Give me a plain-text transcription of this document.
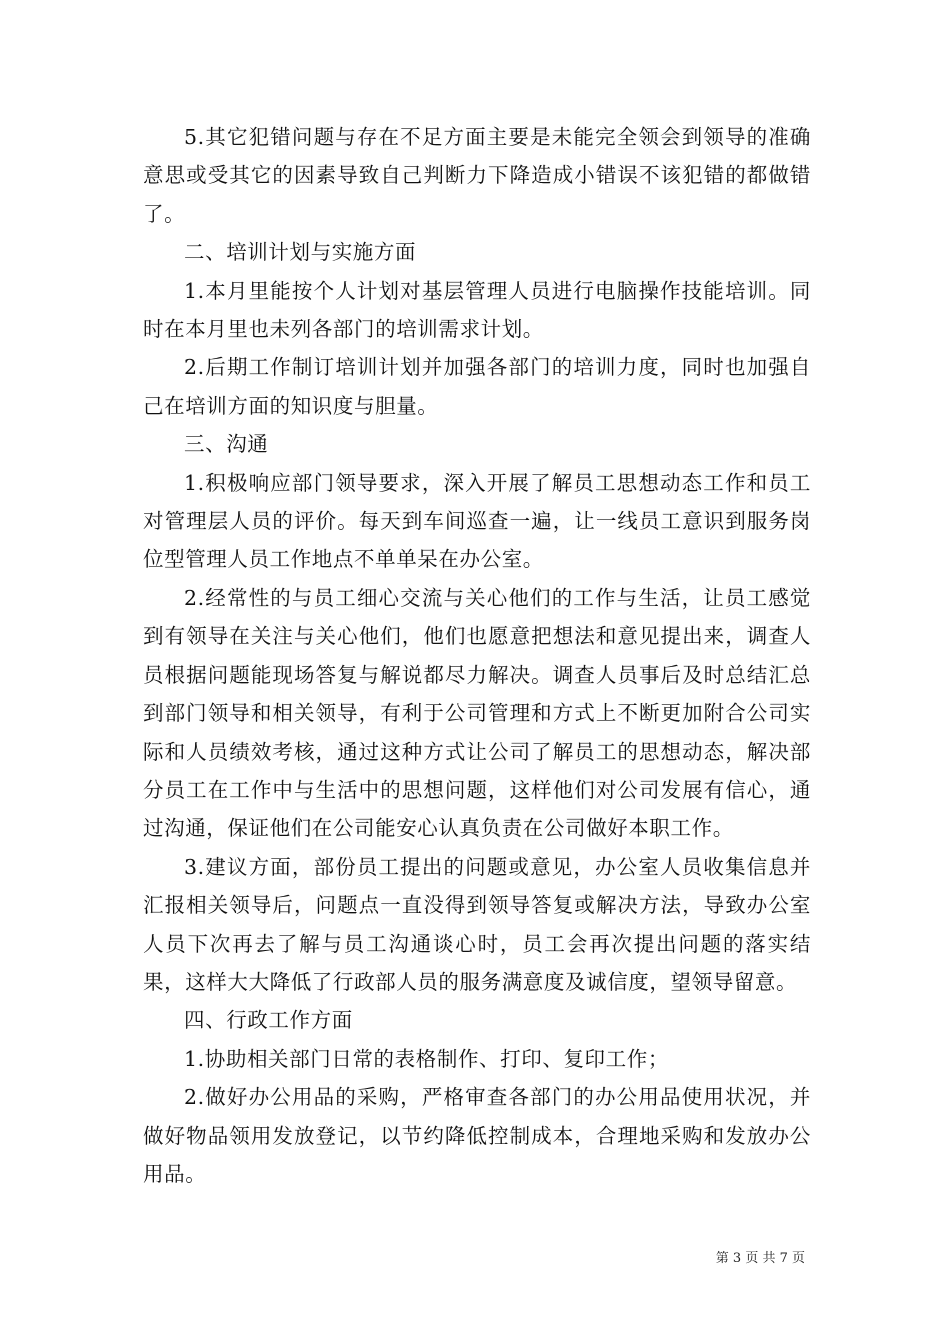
5.其它犯错问题与存在不足方面主要是未能完全领会到领导的准确意思或受其它的因素导致自己判断力下降造成小错误不该犯错的都做错了。

二、培训计划与实施方面

1.本月里能按个人计划对基层管理人员进行电脑操作技能培训。同时在本月里也未列各部门的培训需求计划。

2.后期工作制订培训计划并加强各部门的培训力度，同时也加强自己在培训方面的知识度与胆量。

三、沟通

1.积极响应部门领导要求，深入开展了解员工思想动态工作和员工对管理层人员的评价。每天到车间巡查一遍，让一线员工意识到服务岗位型管理人员工作地点不单单呆在办公室。

2.经常性的与员工细心交流与关心他们的工作与生活，让员工感觉到有领导在关注与关心他们，他们也愿意把想法和意见提出来，调查人员根据问题能现场答复与解说都尽力解决。调查人员事后及时总结汇总到部门领导和相关领导，有利于公司管理和方式上不断更加附合公司实际和人员绩效考核，通过这种方式让公司了解员工的思想动态，解决部分员工在工作中与生活中的思想问题，这样他们对公司发展有信心，通过沟通，保证他们在公司能安心认真负责在公司做好本职工作。

3.建议方面，部份员工提出的问题或意见，办公室人员收集信息并汇报相关领导后，问题点一直没得到领导答复或解决方法，导致办公室人员下次再去了解与员工沟通谈心时，员工会再次提出问题的落实结果，这样大大降低了行政部人员的服务满意度及诚信度，望领导留意。

四、行政工作方面

1.协助相关部门日常的表格制作、打印、复印工作；

2.做好办公用品的采购，严格审查各部门的办公用品使用状况，并做好物品领用发放登记，以节约降低控制成本，合理地采购和发放办公用品。

第 3 页 共 7 页
